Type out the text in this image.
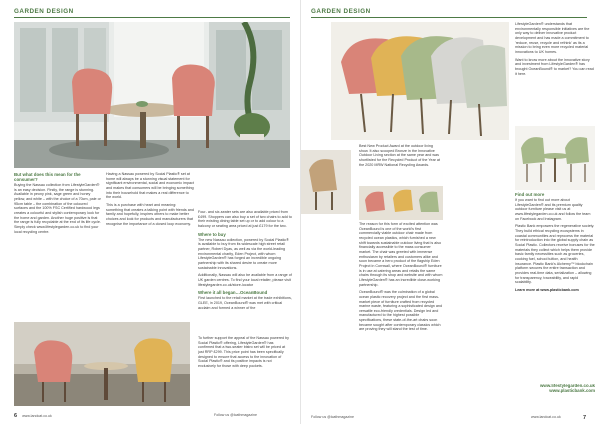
GARDEN DESIGN
But what does this mean for the consumer?

Buying the Nassau collection from LifestyleGarden® is an easy decision. Firstly, the range is stunning. Available in peony pink, sage green and honey yellow, and white – with the choice of a 70cm, pale or 95cm table – the combination of the coloured surfaces and the 100% FSC Certified hardwood legs creates a colourful and stylish contemporary look for the home and garden. Another huge positive is that the range is fully recyclable at the end of its life cycle. Simply check www.lifestylegarden.co.uk to find your local recycling centre.

Having a Nassau powered by Social Plastic® set at home will always be a stunning visual statement for significant environmental, social and economic impact and makes that consumers will be bringing something into their household that makes a real difference to the world.

This is a purchase with heart and meaning: something that creates a talking point with friends and family and hopefully, inspires others to make better choices and look for products and manufacturers that recognise the importance of a closed loop economy.

To further support the appeal of the Nassau powered by Social Plastic® offering, LifestyleGarden® has confirmed that a two-seater bistro set will be priced at just RRP £299. This price point has been specifically designed to ensure that access to the innovation of Social Plastic® and its positive impacts is not exclusively for those with deep pockets.

6 www.landcat.co.uk	Follow us @lcathmagazine
GARDEN DESIGN

Best New Product Award at the outdoor living show. It also scooped Bronze in the Innovative Outdoor Living section at the same year and was shortlisted for the Recycled Product of the Year at the 2020 MRW National Recycling Awards.

The reason for this form of excited attention was OceanBound is one of the world's first commercially viable outdoor chair made from recycled ocean plastics, which furnished a new shift towards sustainable outdoor living that is also financially accessible to the mass consumer market. The chair was greeted with immense enthusiasm by retailers and customers alike and soon became a hero product of the flagship Eden Project in Cornwall, where OceanBound® furniture is in use at catering areas and retails the same chairs through its shop and website and with whom LifestyleGarden® has an incredible close-working partnership.

OceanBound® was the culmination of a global ocean plastic recovery project and the first mass-market piece of furniture crafted from recycled marine waste, featuring a sophisticated design and versatile eco-friendly credentials. Design led and manufactured to the highest possible specifications, these state-of-the-art chairs soon became sought after contemporary classics which are proving they will stand the test of time.

LifestyleGarden® understands that environmentally responsible initiatives are the only way to deliver innovative product development and has made a commitment to 'reduce, reuse, recycle and rethink' as its a mission to bring even more recycled material innovations to UK homes.

Want to know more about the innovative story and investment from LifestyleGarden® has brought OceanBound® to market? You can read it here.

Find out more

If you want to find out more about LifestyleGarden® and its premium quality outdoor furniture please visit us at www.lifestylegarden.co.uk and follow the team on Facebook and Instagram.

Plastic Bank empowers the regenerative society. They build ethical recycling ecosystems in coastal communities and reprocess the material for reintroduction into the global supply chain as Social Plastic. Collectors receive bonuses for the materials they collect which helps them provide basic family necessities such as groceries, cooking fuel, school tuition, and health insurance. Plastic Bank's Alchemy™ blockchain platform secures the entire transaction and provides real-time data, serialization – allowing for transparency, traceability, and rapid scalability.

Learn more at www.plasticbank.com

www.lifestylegarden.co.uk
www.plasticbank.com
Follow us @lcathmagazine	www.landcat.co.uk	7

Four- and six-seater sets are also available priced from £499. Shoppers can also buy a set of two chairs to add to their existing dining table set up or to add colour to a balcony or seating area priced at just £179 for the two.

Where to buy

The new Nassau collection, powered by Social Plastic® is available to buy from its widescale high street retail partner, Robert Dyas, as well as via the world-leading environmental charity, Eden Project, with whom LifestyleGarden® has forged an incredible ongoing partnership with its shared desire to create more sustainable innovations.

Additionally, Nassau will also be available from a range of UK garden centres. To find your local retailer, please visit lifestylegarden.co.uk/store-locator

Where it all began…OceanBound

First launched to the retail market at the trade exhibitions, GLEE, in 2019, OceanBound® was met with critical acclaim and formed a winner of the
